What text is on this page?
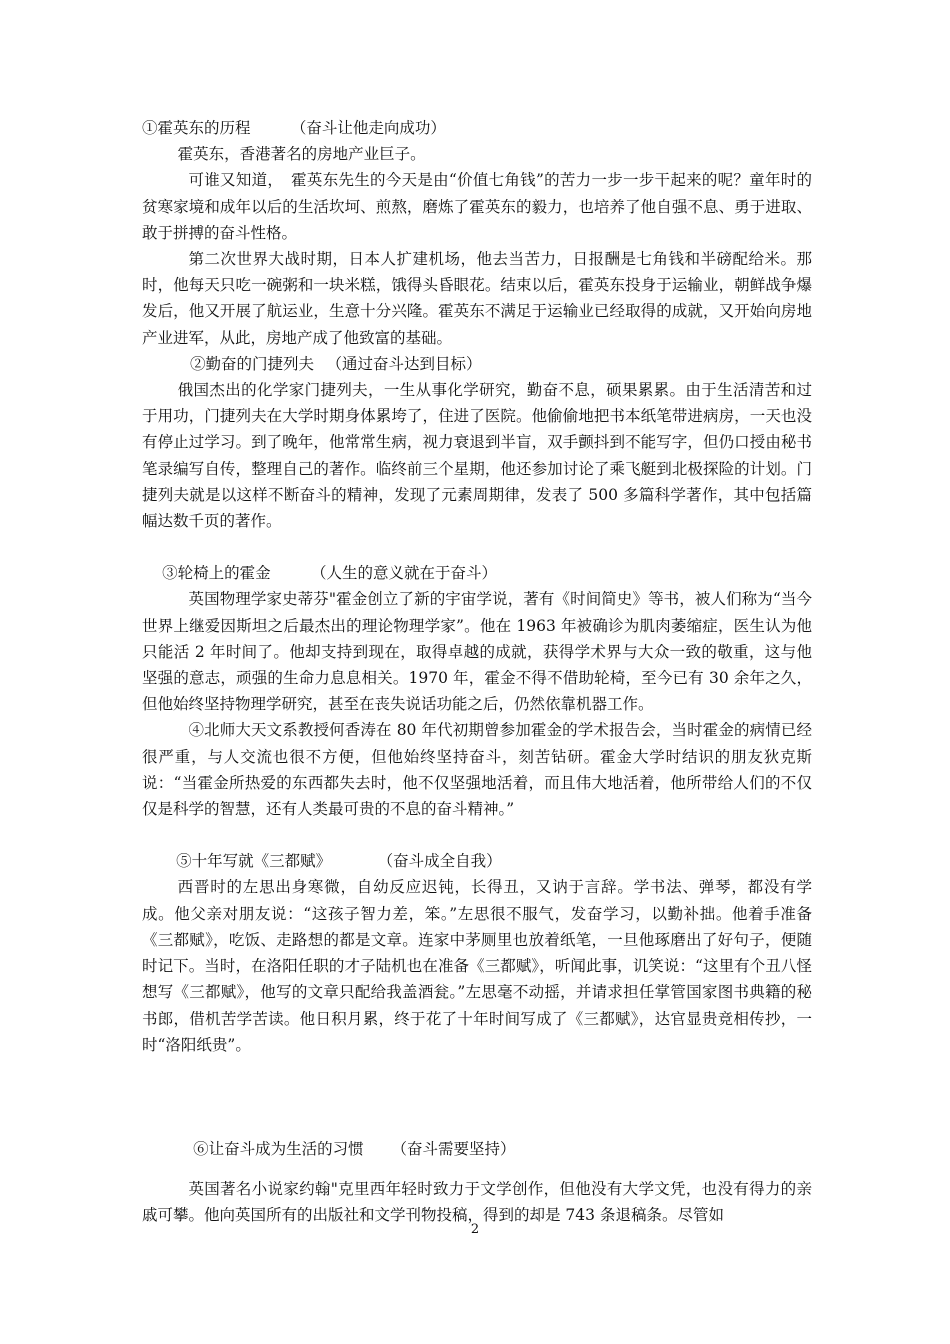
①霍英东的历程	（奋斗让他走向成功）

霍英东，香港著名的房地产业巨子。

可谁又知道，　霍英东先生的今天是由“价值七角钱”的苦力一步一步干起来的呢？童年时的贫寒家境和成年以后的生活坎坷、煎熬，磨炼了霍英东的毅力，也培养了他自强不息、勇于进取、敢于拼搏的奋斗性格。

第二次世界大战时期，日本人扩建机场，他去当苦力，日报酬是七角钱和半磅配给米。那时，他每天只吃一碗粥和一块米糕，饿得头昏眼花。结束以后，霍英东投身于运输业，朝鲜战争爆发后，他又开展了航运业，生意十分兴隆。霍英东不满足于运输业已经取得的成就，又开始向房地产业进军，从此，房地产成了他致富的基础。

②勤奋的门捷列夫 （通过奋斗达到目标）

俄国杰出的化学家门捷列夫，一生从事化学研究，勤奋不息，硕果累累。由于生活清苦和过于用功，门捷列夫在大学时期身体累垮了，住进了医院。他偷偷地把书本纸笔带进病房，一天也没有停止过学习。到了晚年，他常常生病，视力衰退到半盲，双手颤抖到不能写字，但仍口授由秘书笔录编写自传，整理自己的著作。临终前三个星期，他还参加讨论了乘飞艇到北极探险的计划。门捷列夫就是以这样不断奋斗的精神，发现了元素周期律，发表了 500 多篇科学著作，其中包括篇幅达数千页的著作。

③轮椅上的霍金	（人生的意义就在于奋斗）

英国物理学家史蒂芬"霍金创立了新的宇宙学说，著有《时间简史》等书，被人们称为“当今世界上继爱因斯坦之后最杰出的理论物理学家”。他在 1963 年被确诊为肌肉萎缩症，医生认为他只能活 2 年时间了。他却支持到现在，取得卓越的成就，获得学术界与大众一致的敬重，这与他坚强的意志，顽强的生命力息息相关。1970 年，霍金不得不借助轮椅，至今已有 30 余年之久，但他始终坚持物理学研究，甚至在丧失说话功能之后，仍然依靠机器工作。

④北师大天文系教授何香涛在 80 年代初期曾参加霍金的学术报告会，当时霍金的病情已经很严重，与人交流也很不方便，但他始终坚持奋斗，刻苦钻研。霍金大学时结识的朋友狄克斯说：“当霍金所热爱的东西都失去时，他不仅坚强地活着，而且伟大地活着，他所带给人们的不仅仅是科学的智慧，还有人类最可贵的不息的奋斗精神。”

⑤十年写就《三都赋》	（奋斗成全自我）

西晋时的左思出身寒微，自幼反应迟钝，长得丑，又讷于言辞。学书法、弹琴，都没有学成。他父亲对朋友说：“这孩子智力差，笨。”左思很不服气，发奋学习，以勤补拙。他着手准备《三都赋》，吃饭、走路想的都是文章。连家中茅厕里也放着纸笔，一旦他琢磨出了好句子，便随时记下。当时，在洛阳任职的才子陆机也在准备《三都赋》，听闻此事，讥笑说：“这里有个丑八怪想写《三都赋》，他写的文章只配给我盖酒瓮。”左思毫不动摇，并请求担任掌管国家图书典籍的秘书郎，借机苦学苦读。他日积月累，终于花了十年时间写成了《三都赋》，达官显贵竞相传抄，一时“洛阳纸贵”。

⑥让奋斗成为生活的习惯 （奋斗需要坚持）

英国著名小说家约翰"克里西年轻时致力于文学创作，但他没有大学文凭，也没有得力的亲戚可攀。他向英国所有的出版社和文学刊物投稿，得到的却是 743 条退稿条。尽管如

2
